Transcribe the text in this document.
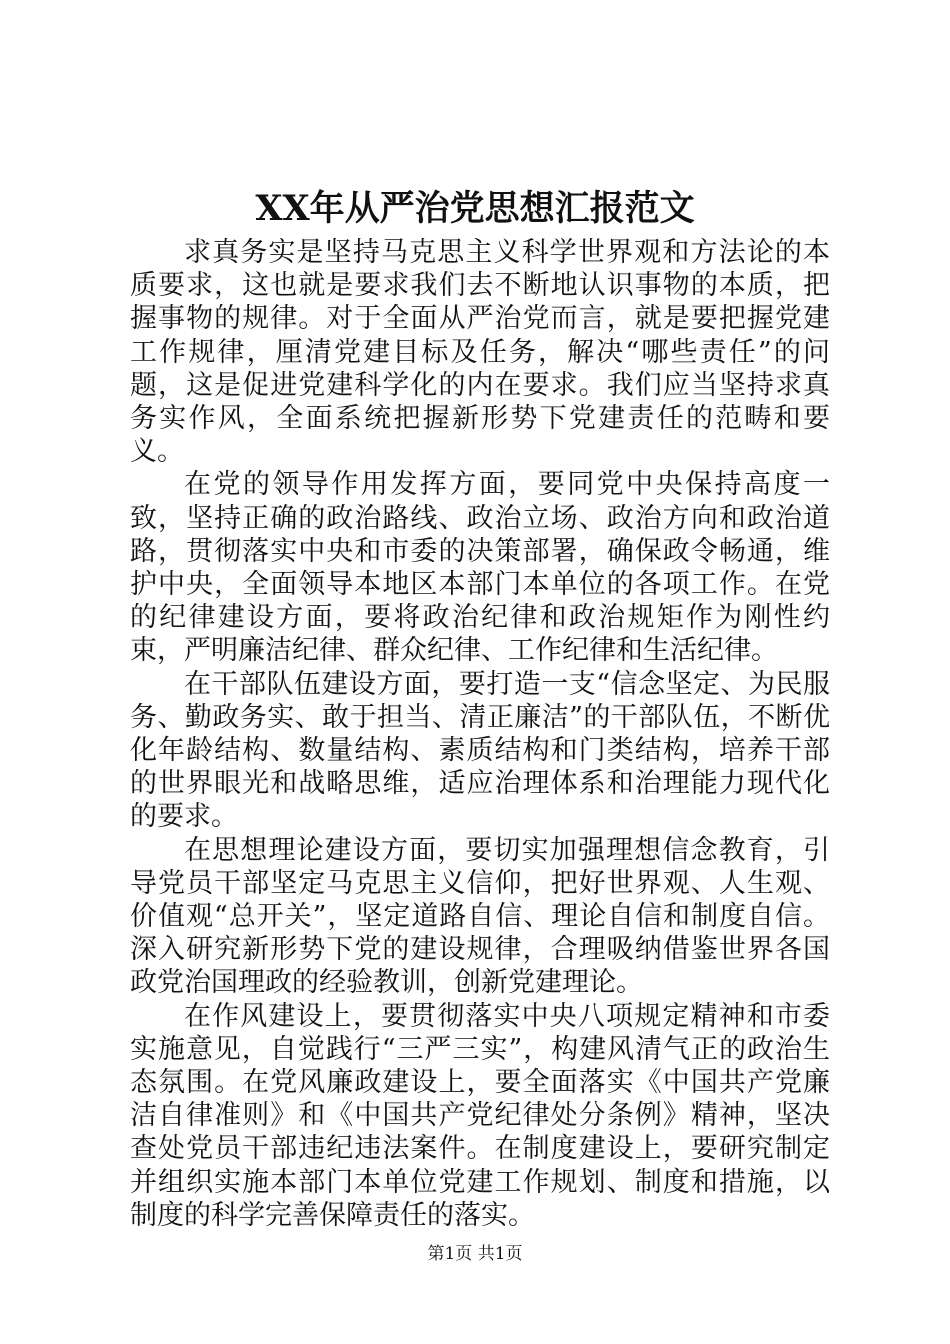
XX年从严治党思想汇报范文

求真务实是坚持马克思主义科学世界观和方法论的本质要求，这也就是要求我们去不断地认识事物的本质，把握事物的规律。对于全面从严治党而言，就是要把握党建工作规律，厘清党建目标及任务，解决“哪些责任”的问题，这是促进党建科学化的内在要求。我们应当坚持求真务实作风，全面系统把握新形势下党建责任的范畴和要义。

在党的领导作用发挥方面，要同党中央保持高度一致，坚持正确的政治路线、政治立场、政治方向和政治道路，贯彻落实中央和市委的决策部署，确保政令畅通，维护中央，全面领导本地区本部门本单位的各项工作。在党的纪律建设方面，要将政治纪律和政治规矩作为刚性约束，严明廉洁纪律、群众纪律、工作纪律和生活纪律。

在干部队伍建设方面，要打造一支“信念坚定、为民服务、勤政务实、敢于担当、清正廉洁”的干部队伍，不断优化年龄结构、数量结构、素质结构和门类结构，培养干部的世界眼光和战略思维，适应治理体系和治理能力现代化的要求。

在思想理论建设方面，要切实加强理想信念教育，引导党员干部坚定马克思主义信仰，把好世界观、人生观、价值观“总开关”，坚定道路自信、理论自信和制度自信。深入研究新形势下党的建设规律，合理吸纳借鉴世界各国政党治国理政的经验教训，创新党建理论。

在作风建设上，要贯彻落实中央八项规定精神和市委实施意见，自觉践行“三严三实”，构建风清气正的政治生态氛围。在党风廉政建设上，要全面落实《中国共产党廉洁自律准则》和《中国共产党纪律处分条例》精神，坚决查处党员干部违纪违法案件。在制度建设上，要研究制定并组织实施本部门本单位党建工作规划、制度和措施，以制度的科学完善保障责任的落实。

第1页 共1页
